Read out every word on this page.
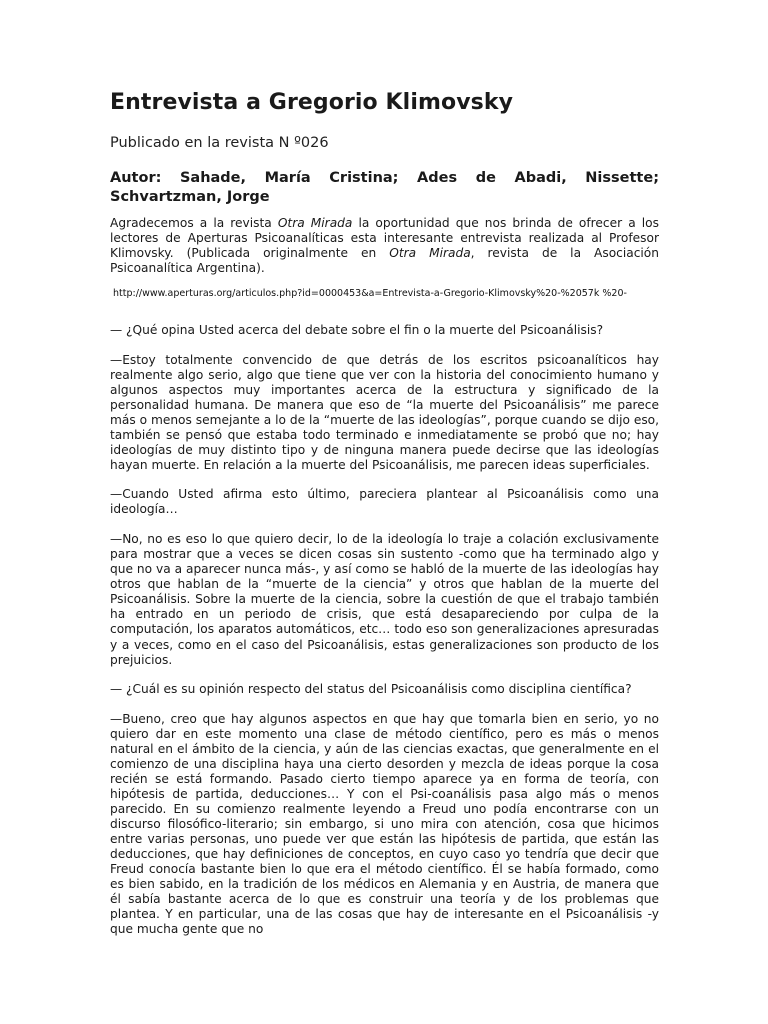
Entrevista a Gregorio Klimovsky
Publicado en la revista N º026
Autor: Sahade, María Cristina; Ades de Abadi, Nissette; Schvartzman, Jorge

Agradecemos a la revista Otra Mirada la oportunidad que nos brinda de ofrecer a los lectores de Aperturas Psicoanalíticas esta interesante entrevista realizada al Profesor Klimovsky. (Publicada originalmente en Otra Mirada, revista de la Asociación Psicoanalítica Argentina).

http://www.aperturas.org/articulos.php?id=0000453&a=Entrevista-a-Gregorio-Klimovsky%20-%2057k %20-

— ¿Qué opina Usted acerca del debate sobre el fin o la muerte del Psicoanálisis?

—Estoy totalmente convencido de que detrás de los escritos psicoanalíticos hay realmente algo serio, algo que tiene que ver con la historia del conocimiento humano y algunos aspectos muy importantes acerca de la estructura y significado de la personalidad humana. De manera que eso de “la muerte del Psicoanálisis” me parece más o menos semejante a lo de la “muerte de las ideologías”, porque cuando se dijo eso, también se pensó que estaba todo terminado e inmediatamente se probó que no; hay ideologías de muy distinto tipo y de ninguna manera puede decirse que las ideologías hayan muerte. En relación a la muerte del Psicoanálisis, me parecen ideas superficiales.

—Cuando Usted afirma esto último, pareciera plantear al Psicoanálisis como una ideología…

—No, no es eso lo que quiero decir, lo de la ideología lo traje a colación exclusivamente para mostrar que a veces se dicen cosas sin sustento -como que ha terminado algo y que no va a aparecer nunca más-, y así como se habló de la muerte de las ideologías hay otros que hablan de la “muerte de la ciencia” y otros que hablan de la muerte del Psicoanálisis. Sobre la muerte de la ciencia, sobre la cuestión de que el trabajo también ha entrado en un periodo de crisis, que está desapareciendo por culpa de la computación, los aparatos automáticos, etc… todo eso son generalizaciones apresuradas y a veces, como en el caso del Psicoanálisis, estas generalizaciones son producto de los prejuicios.

— ¿Cuál es su opinión respecto del status del Psicoanálisis como disciplina científica?

—Bueno, creo que hay algunos aspectos en que hay que tomarla bien en serio, yo no quiero dar en este momento una clase de método científico, pero es más o menos natural en el ámbito de la ciencia, y aún de las ciencias exactas, que generalmente en el comienzo de una disciplina haya una cierto desorden y mezcla de ideas porque la cosa recién se está formando. Pasado cierto tiempo aparece ya en forma de teoría, con hipótesis de partida, deducciones… Y con el Psi-coanálisis pasa algo más o menos parecido. En su comienzo realmente leyendo a Freud uno podía encontrarse con un discurso filosófico-literario; sin embargo, si uno mira con atención, cosa que hicimos entre varias personas, uno puede ver que están las hipótesis de partida, que están las deducciones, que hay definiciones de conceptos, en cuyo caso yo tendría que decir que Freud conocía bastante bien lo que era el método científico. Él se había formado, como es bien sabido, en la tradición de los médicos en Alemania y en Austria, de manera que él sabía bastante acerca de lo que es construir una teoría y de los problemas que plantea. Y en particular, una de las cosas que hay de interesante en el Psicoanálisis -y que mucha gente que no
